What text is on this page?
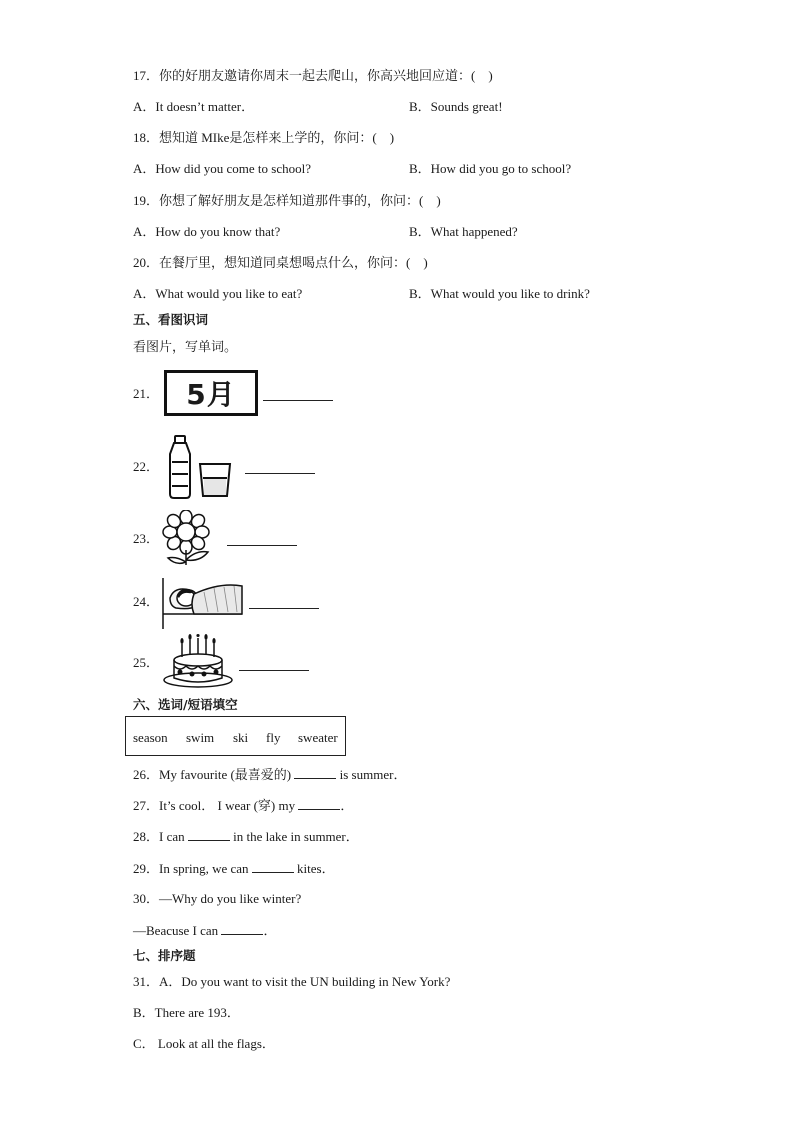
17．你的好朋友邀请你周末一起去爬山，你高兴地回应道：(　)
A．It doesn’t matter．	B．Sounds great!
18．想知道 MIke是怎样来上学的，你问：(　)
A．How did you come to school?	B．How did you go to school?
19．你想了解好朋友是怎样知道那件事的，你问：(　)
A．How do you know that?	B．What happened?
20．在餐厅里，想知道同桌想喝点什么，你问：(　)
A．What would you like to eat?	B．What would you like to drink?
五、看图识词
看图片，写单词。
21． 5月
22．
23．
24．
25．
六、选词/短语填空
season swim ski fly sweater
26．My favourite (最喜爱的)	is summer．
27．It’s cool． I wear (穿) my	．
28．I can	in the lake in summer．
29．In spring, we can	kites．
30．—Why do you like winter?
—Beacuse I can	．
七、排序题
31．A．Do you want to visit the UN building in New York?
B．There are 193．
C． Look at all the flags．
